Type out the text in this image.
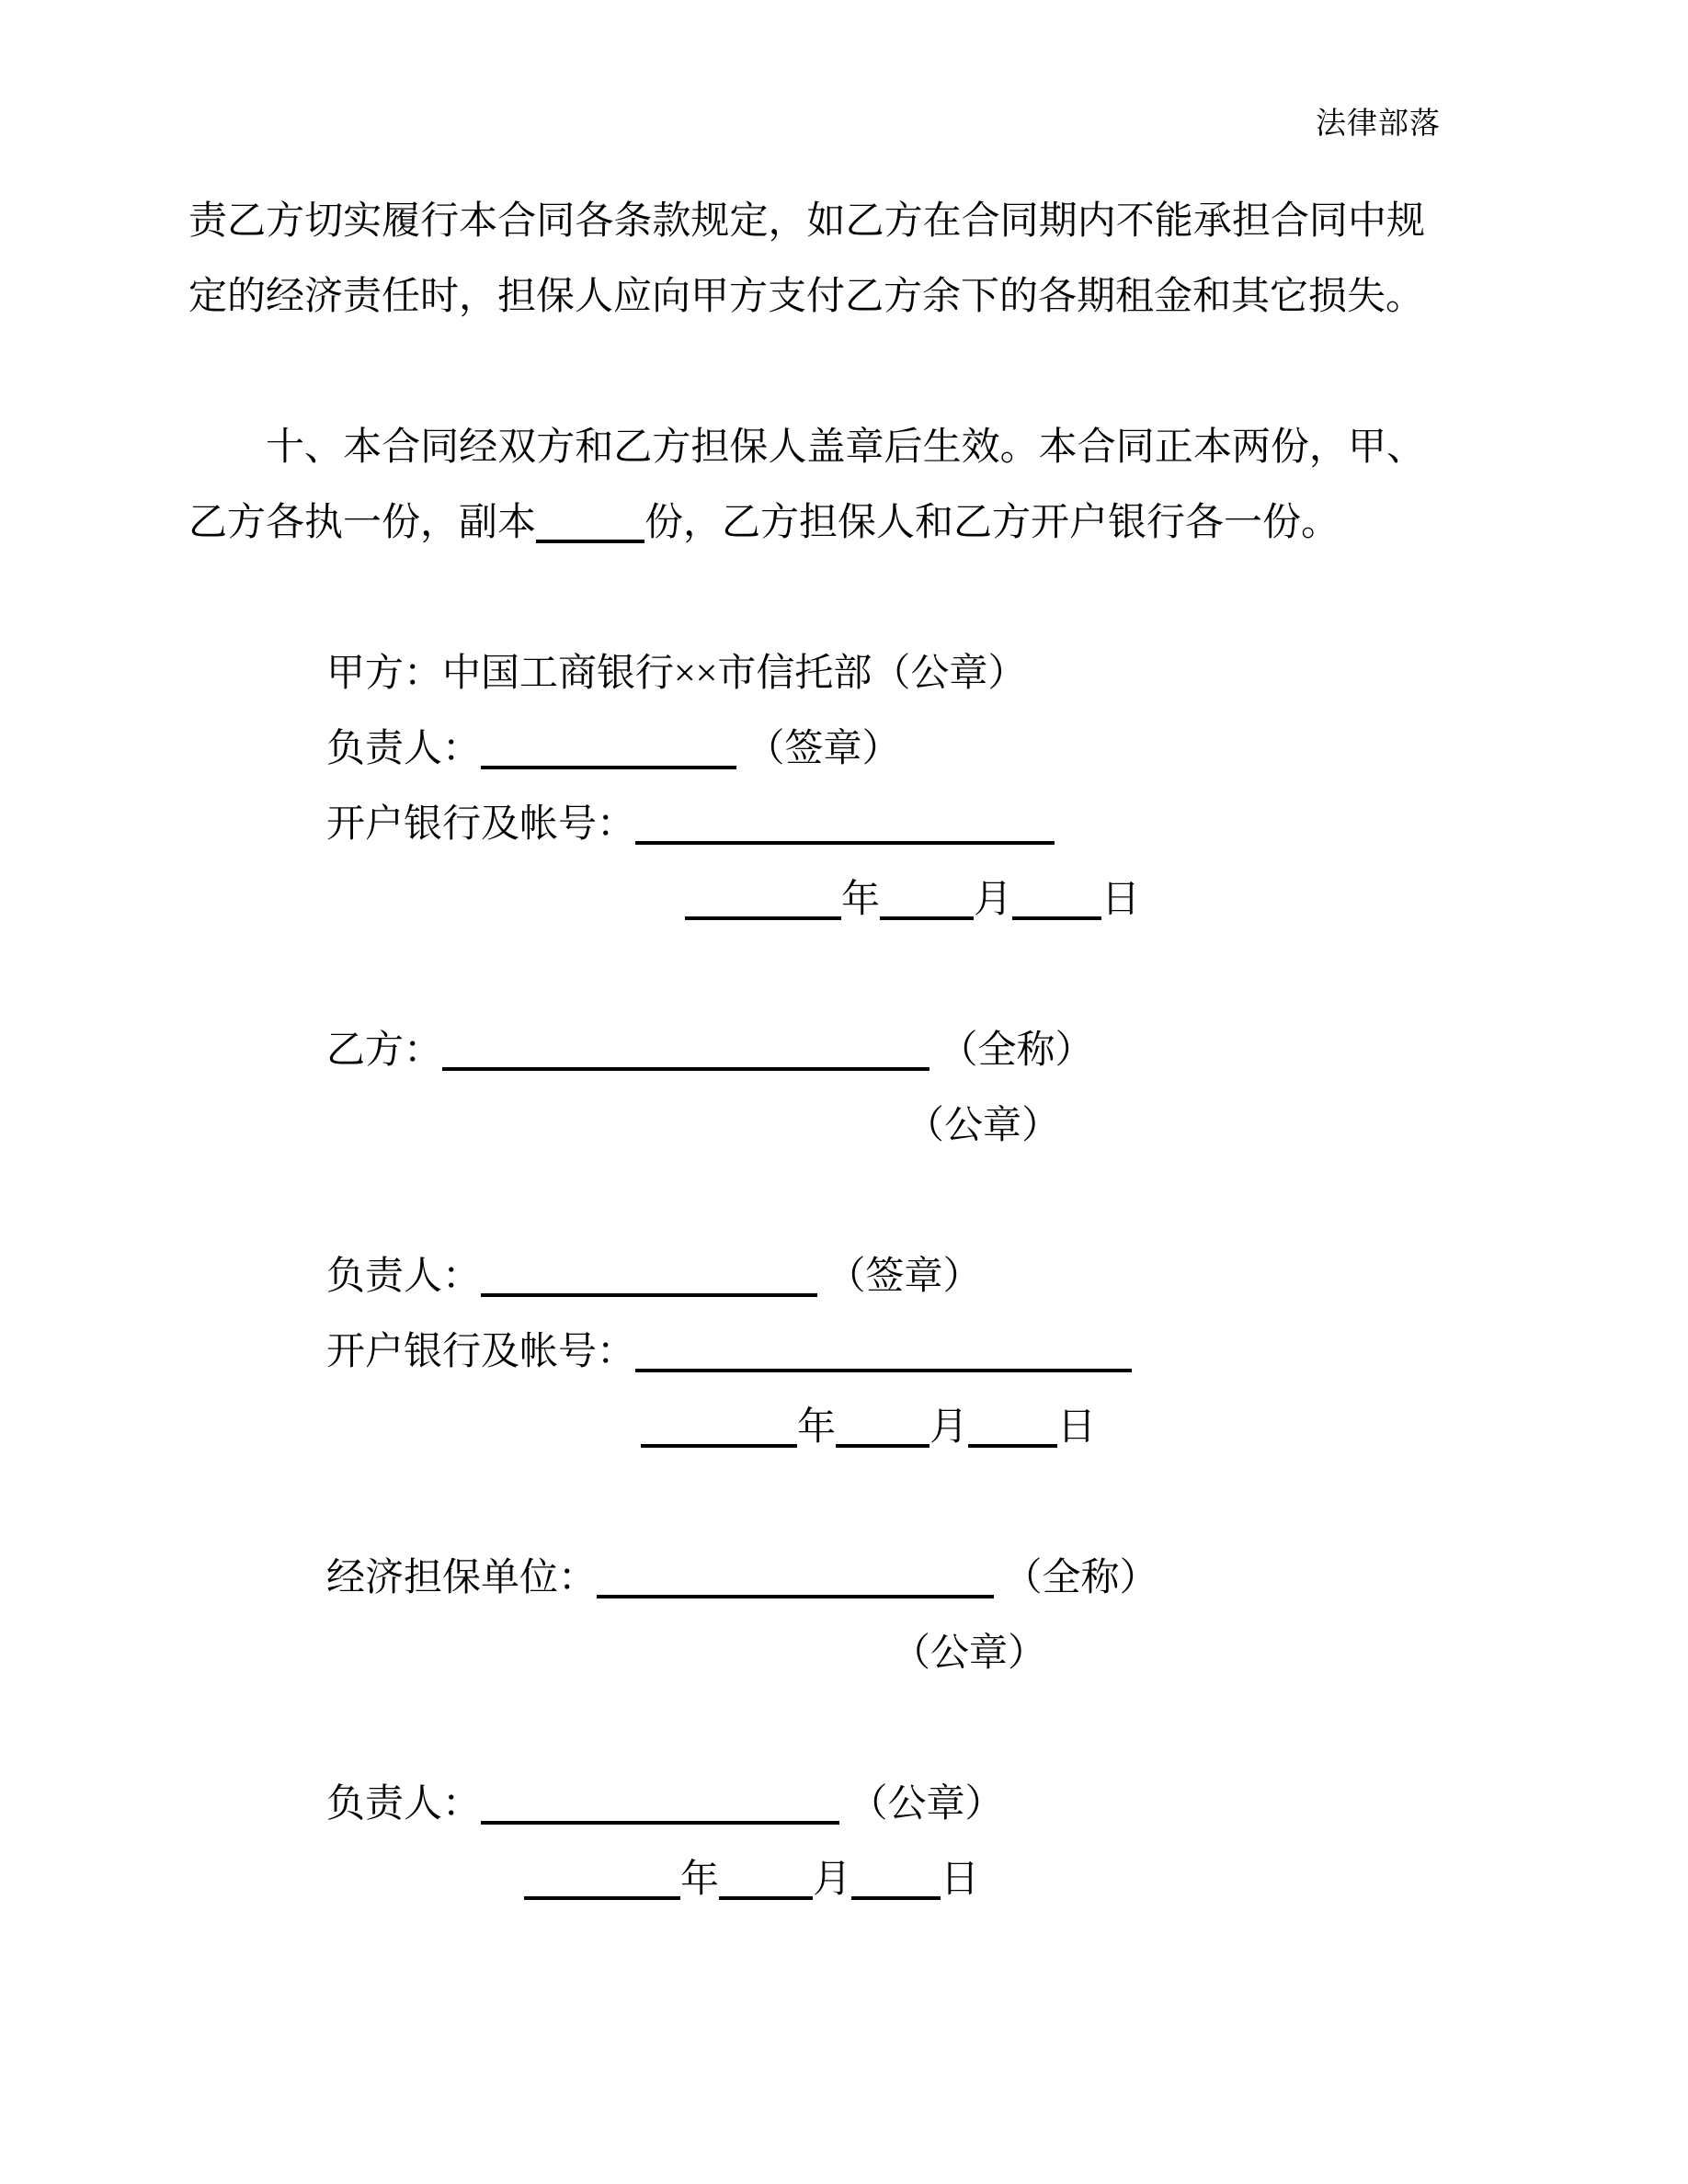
法律部落

责乙方切实履行本合同各条款规定，如乙方在合同期内不能承担合同中规定的经济责任时，担保人应向甲方支付乙方余下的各期租金和其它损失。

十、本合同经双方和乙方担保人盖章后生效。本合同正本两份，甲、乙方各执一份，副本	份，乙方担保人和乙方开户银行各一份。

甲方：中国工商银行××市信托部（公章）
负责人：	（签章）
开户银行及帐号：
年 月 日
乙方：	（全称）
（公章）
负责人：	（签章）
开户银行及帐号：
年 月 日
经济担保单位：	（全称）
（公章）
负责人：	（公章）
年 月 日
